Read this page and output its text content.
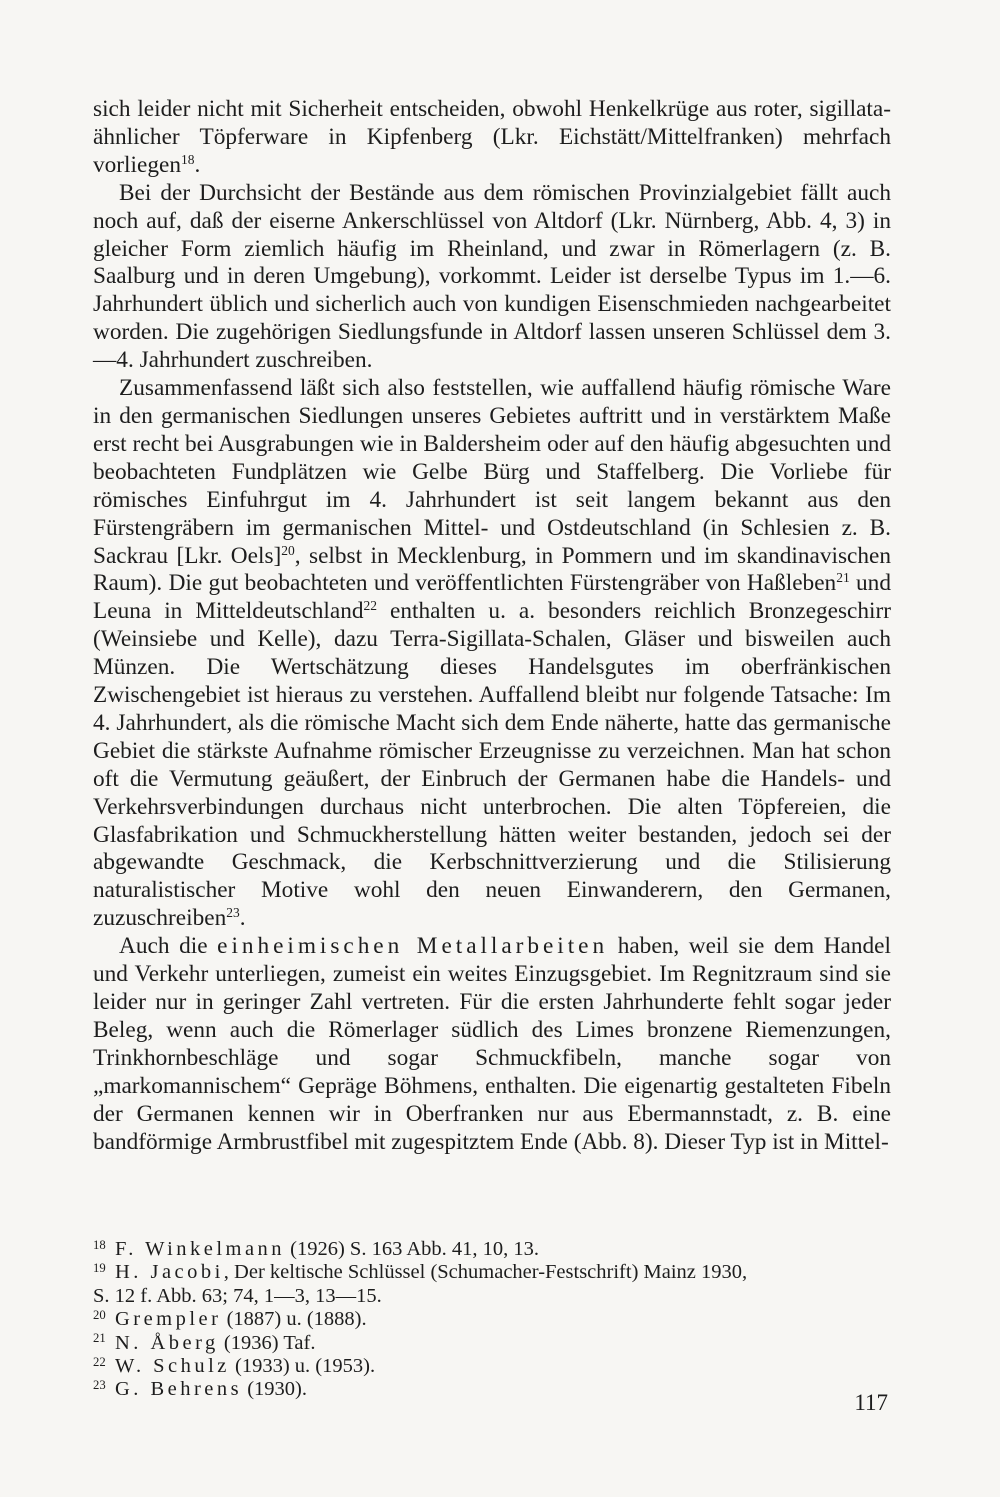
sich leider nicht mit Sicherheit entscheiden, obwohl Henkelkrüge aus roter, sigillata-ähnlicher Töpferware in Kipfenberg (Lkr. Eichstätt/Mittelfranken) mehrfach vorliegen$^{18}$.

Bei der Durchsicht der Bestände aus dem römischen Provinzialgebiet fällt auch noch auf, daß der eiserne Ankerschlüssel von Altdorf (Lkr. Nürnberg, Abb. 4, 3) in gleicher Form ziemlich häufig im Rheinland, und zwar in Römerlagern (z. B. Saalburg und in deren Umgebung), vorkommt. Leider ist derselbe Typus im 1.—6. Jahrhundert üblich und sicherlich auch von kundigen Eisenschmieden nachgearbeitet worden. Die zugehörigen Siedlungsfunde in Altdorf lassen unseren Schlüssel dem 3.—4. Jahrhundert zuschreiben.

Zusammenfassend läßt sich also feststellen, wie auffallend häufig römische Ware in den germanischen Siedlungen unseres Gebietes auftritt und in verstärktem Maße erst recht bei Ausgrabungen wie in Baldersheim oder auf den häufig abgesuchten und beobachteten Fundplätzen wie Gelbe Bürg und Staffelberg. Die Vorliebe für römisches Einfuhrgut im 4. Jahrhundert ist seit langem bekannt aus den Fürstengräbern im germanischen Mittel- und Ostdeutschland (in Schlesien z. B. Sackrau [Lkr. Oels]$^{20}$, selbst in Mecklenburg, in Pommern und im skandinavischen Raum). Die gut beobachteten und veröffentlichten Fürstengräber von Haßleben$^{21}$ und Leuna in Mitteldeutschland$^{22}$ enthalten u. a. besonders reichlich Bronzegeschirr (Weinsiebe und Kelle), dazu Terra-Sigillata-Schalen, Gläser und bisweilen auch Münzen. Die Wertschätzung dieses Handelsgutes im oberfränkischen Zwischengebiet ist hieraus zu verstehen. Auffallend bleibt nur folgende Tatsache: Im 4. Jahrhundert, als die römische Macht sich dem Ende näherte, hatte das germanische Gebiet die stärkste Aufnahme römischer Erzeugnisse zu verzeichnen. Man hat schon oft die Vermutung geäußert, der Einbruch der Germanen habe die Handels- und Verkehrsverbindungen durchaus nicht unterbrochen. Die alten Töpfereien, die Glasfabrikation und Schmuckherstellung hätten weiter bestanden, jedoch sei der abgewandte Geschmack, die Kerbschnittverzierung und die Stilisierung naturalistischer Motive wohl den neuen Einwanderern, den Germanen, zuzuschreiben$^{23}$.

Auch die einheimischen Metallarbeiten haben, weil sie dem Handel und Verkehr unterliegen, zumeist ein weites Einzugsgebiet. Im Regnitzraum sind sie leider nur in geringer Zahl vertreten. Für die ersten Jahrhunderte fehlt sogar jeder Beleg, wenn auch die Römerlager südlich des Limes bronzene Riemenzungen, Trinkhornbeschläge und sogar Schmuckfibeln, manche sogar von „markomannischem“ Gepräge Böhmens, enthalten. Die eigenartig gestalteten Fibeln der Germanen kennen wir in Oberfranken nur aus Ebermannstadt, z. B. eine bandförmige Armbrustfibel mit zugespitztem Ende (Abb. 8). Dieser Typ ist in Mittel-

18 F. Winkelmann (1926) S. 163 Abb. 41, 10, 13.

19 H. Jacobi, Der keltische Schlüssel (Schumacher-Festschrift) Mainz 1930,

S. 12 f. Abb. 63; 74, 1—3, 13—15.

20 Grempler (1887) u. (1888).

21 N. Åberg (1936) Taf.

22 W. Schulz (1933) u. (1953).

23 G. Behrens (1930).

117
